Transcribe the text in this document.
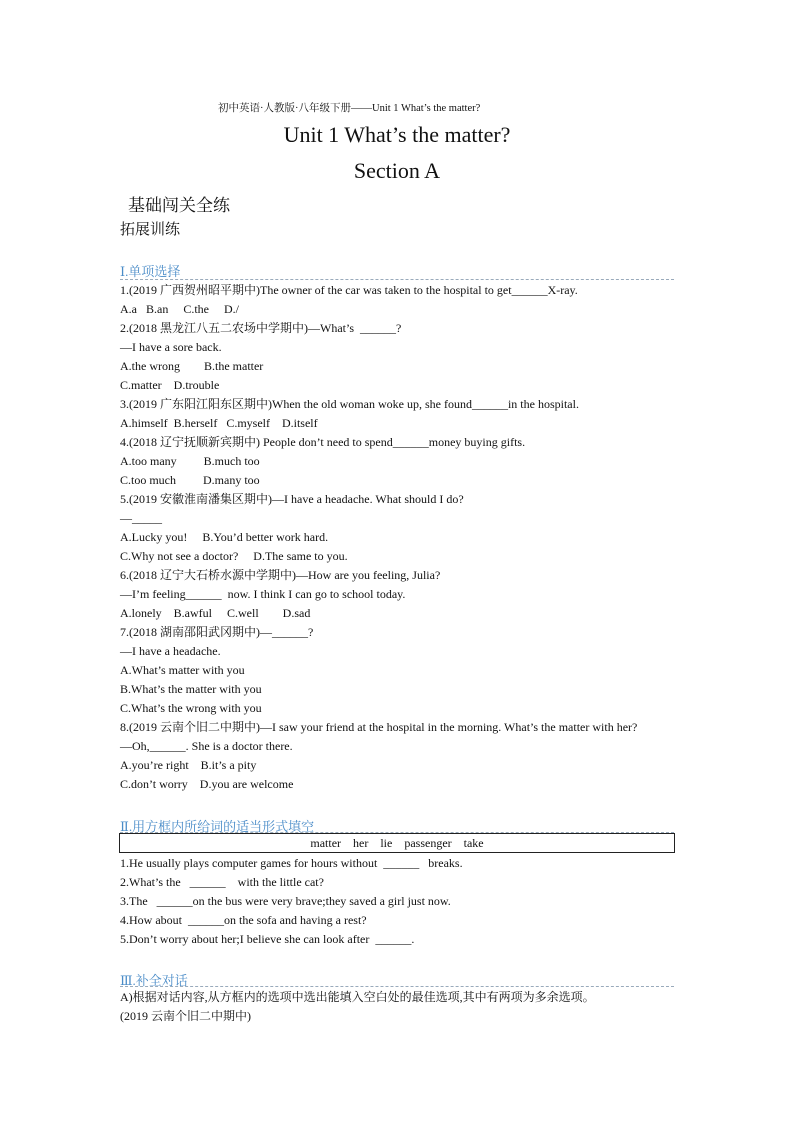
初中英语·人教版·八年级下册——Unit 1 What’s the matter?
Unit 1 What’s the matter?
Section A
基础闯关全练
拓展训练
Ⅰ.单项选择
1.(2019 广西贺州昭平期中)The owner of the car was taken to the hospital to get______X-ray.
A.a   B.an     C.the     D./
2.(2018 黑龙江八五二农场中学期中)—What’s  ______?
—I have a sore back.
A.the wrong        B.the matter
C.matter    D.trouble
3.(2019 广东阳江阳东区期中)When the old woman woke up, she found______in the hospital.
A.himself  B.herself   C.myself    D.itself
4.(2018 辽宁抚顺新宾期中) People don’t need to spend______money buying gifts.
A.too many         B.much too
C.too much         D.many too
5.(2019 安徽淮南潘集区期中)—I have a headache. What should I do?
—_____
A.Lucky you!     B.You’d better work hard.
C.Why not see a doctor?     D.The same to you.
6.(2018 辽宁大石桥水源中学期中)—How are you feeling, Julia?
—I’m feeling______  now. I think I can go to school today.
A.lonely    B.awful     C.well        D.sad
7.(2018 湖南邵阳武冈期中)—______?
—I have a headache.
A.What’s matter with you
B.What’s the matter with you
C.What’s the wrong with you
8.(2019 云南个旧二中期中)—I saw your friend at the hospital in the morning. What’s the matter with her?
—Oh,______. She is a doctor there.
A.you’re right    B.it’s a pity
C.don’t worry    D.you are welcome
Ⅱ.用方框内所给词的适当形式填空
matter    her    lie    passenger    take
1.He usually plays computer games for hours without  ______   breaks.
2.What’s the   ______    with the little cat?
3.The   ______on the bus were very brave;they saved a girl just now.
4.How about  ______on the sofa and having a rest?
5.Don’t worry about her;I believe she can look after  ______.
Ⅲ.补全对话
A)根据对话内容,从方框内的选项中选出能填入空白处的最佳选项,其中有两项为多余选项。
(2019 云南个旧二中期中)
